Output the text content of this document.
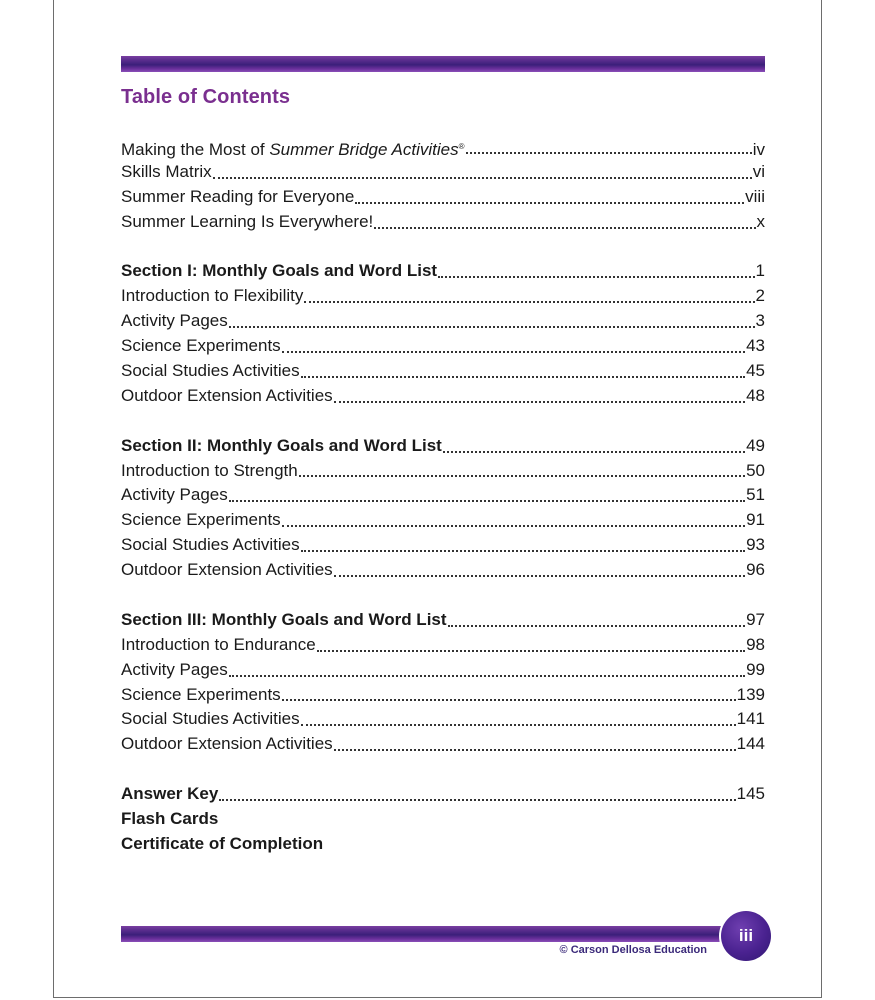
Table of Contents
Making the Most of Summer Bridge Activities®	iv
Skills Matrix	vi
Summer Reading for Everyone	viii
Summer Learning Is Everywhere!	x
Section I: Monthly Goals and Word List	1
Introduction to Flexibility	2
Activity Pages	3
Science Experiments	43
Social Studies Activities	45
Outdoor Extension Activities	48
Section II: Monthly Goals and Word List	49
Introduction to Strength	50
Activity Pages	51
Science Experiments	91
Social Studies Activities	93
Outdoor Extension Activities	96
Section III: Monthly Goals and Word List	97
Introduction to Endurance	98
Activity Pages	99
Science Experiments	139
Social Studies Activities	141
Outdoor Extension Activities	144
Answer Key	145
Flash Cards
Certificate of Completion
iii
© Carson Dellosa Education
